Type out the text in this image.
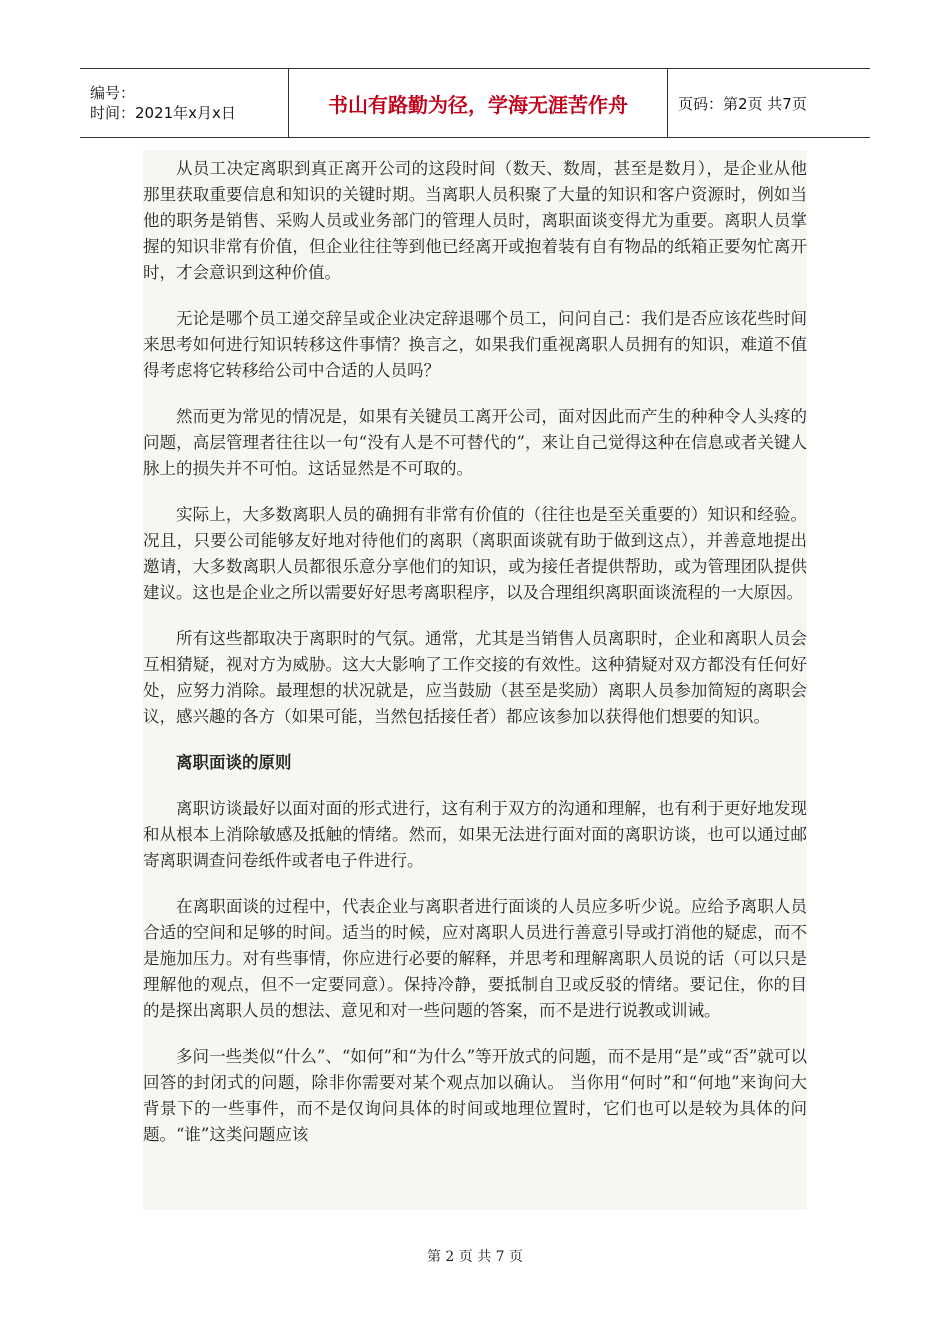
编号：
时间：2021年x月x日	书山有路勤为径，学海无涯苦作舟	页码：第2页 共7页

从员工决定离职到真正离开公司的这段时间（数天、数周，甚至是数月），是企业从他那里获取重要信息和知识的关键时期。当离职人员积聚了大量的知识和客户资源时，例如当他的职务是销售、采购人员或业务部门的管理人员时，离职面谈变得尤为重要。离职人员掌握的知识非常有价值，但企业往往等到他已经离开或抱着装有自有物品的纸箱正要匆忙离开时，才会意识到这种价值。

无论是哪个员工递交辞呈或企业决定辞退哪个员工，问问自己：我们是否应该花些时间来思考如何进行知识转移这件事情？换言之，如果我们重视离职人员拥有的知识，难道不值得考虑将它转移给公司中合适的人员吗？

然而更为常见的情况是，如果有关键员工离开公司，面对因此而产生的种种令人头疼的问题，高层管理者往往以一句“没有人是不可替代的”，来让自己觉得这种在信息或者关键人脉上的损失并不可怕。这话显然是不可取的。

实际上，大多数离职人员的确拥有非常有价值的（往往也是至关重要的）知识和经验。况且，只要公司能够友好地对待他们的离职（离职面谈就有助于做到这点），并善意地提出邀请，大多数离职人员都很乐意分享他们的知识，或为接任者提供帮助，或为管理团队提供建议。这也是企业之所以需要好好思考离职程序，以及合理组织离职面谈流程的一大原因。

所有这些都取决于离职时的气氛。通常，尤其是当销售人员离职时，企业和离职人员会互相猜疑，视对方为威胁。这大大影响了工作交接的有效性。这种猜疑对双方都没有任何好处，应努力消除。最理想的状况就是，应当鼓励（甚至是奖励）离职人员参加简短的离职会议，感兴趣的各方（如果可能，当然包括接任者）都应该参加以获得他们想要的知识。

离职面谈的原则

离职访谈最好以面对面的形式进行，这有利于双方的沟通和理解，也有利于更好地发现和从根本上消除敏感及抵触的情绪。然而，如果无法进行面对面的离职访谈，也可以通过邮寄离职调查问卷纸件或者电子件进行。

在离职面谈的过程中，代表企业与离职者进行面谈的人员应多听少说。应给予离职人员合适的空间和足够的时间。适当的时候，应对离职人员进行善意引导或打消他的疑虑，而不是施加压力。对有些事情，你应进行必要的解释，并思考和理解离职人员说的话（可以只是理解他的观点，但不一定要同意）。保持冷静，要抵制自卫或反驳的情绪。要记住，你的目的是探出离职人员的想法、意见和对一些问题的答案，而不是进行说教或训诫。

多问一些类似“什么”、“如何”和“为什么”等开放式的问题，而不是用“是”或“否”就可以回答的封闭式的问题，除非你需要对某个观点加以确认。 当你用“何时”和“何地”来询问大背景下的一些事件，而不是仅询问具体的时间或地理位置时，它们也可以是较为具体的问题。“谁”这类问题应该

第 2 页 共 7 页
